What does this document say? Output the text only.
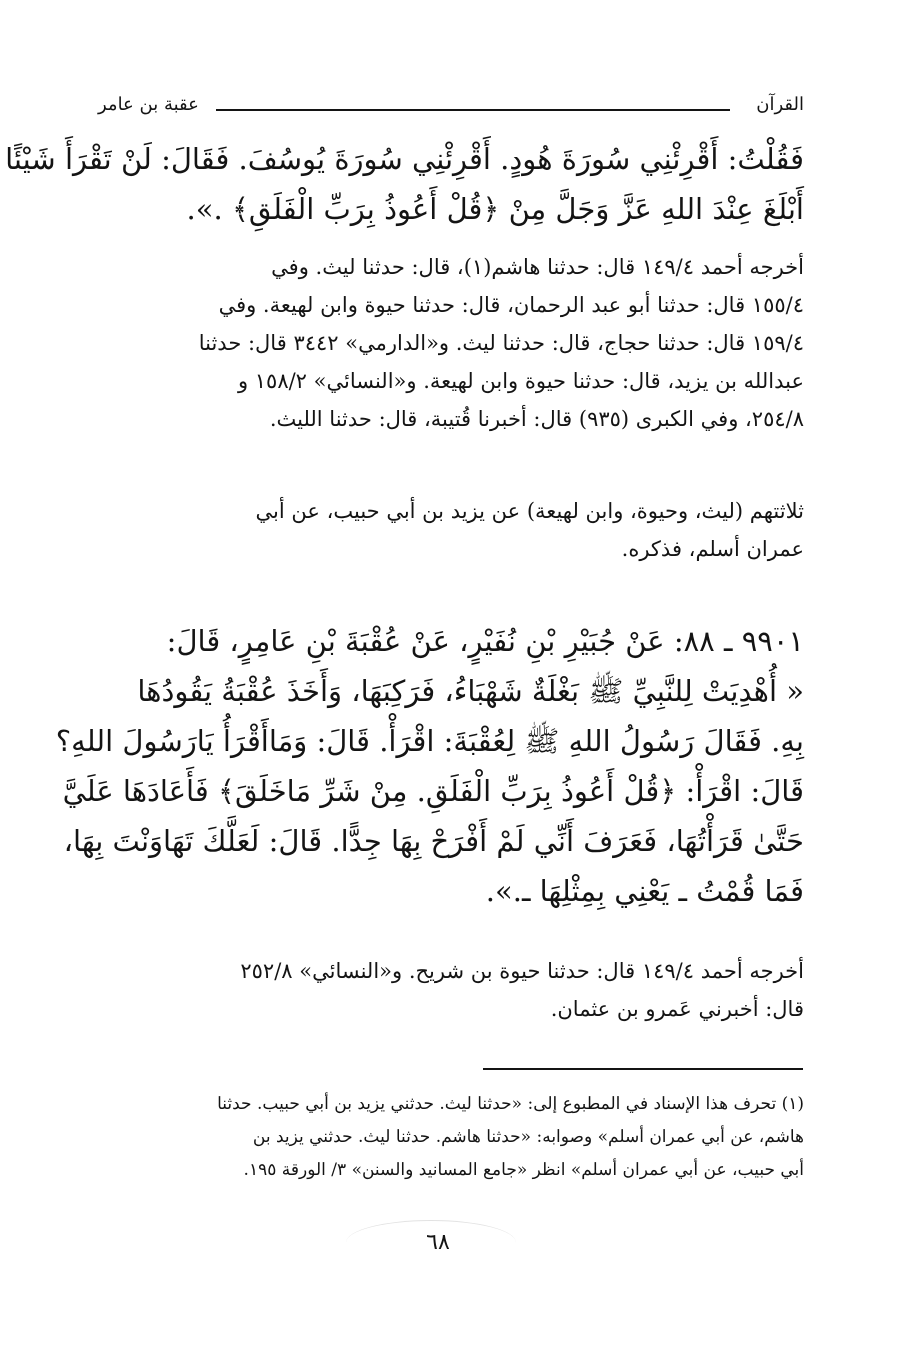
القرآن
عقبة بن عامر
فَقُلْتُ: أَقْرِئْنِي سُورَةَ هُودٍ. أَقْرِئْنِي سُورَةَ يُوسُفَ. فَقَالَ: لَنْ تَقْرَأَ شَيْئًا
أَبْلَغَ عِنْدَ اللهِ عَزَّ وَجَلَّ مِنْ ﴿قُلْ أَعُوذُ بِرَبِّ الْفَلَقِ﴾ .».
أخرجه أحمد ١٤٩/٤ قال: حدثنا هاشم(١)، قال: حدثنا ليث. وفي
١٥٥/٤ قال: حدثنا أبو عبد الرحمان، قال: حدثنا حيوة وابن لهيعة. وفي
١٥٩/٤ قال: حدثنا حجاج، قال: حدثنا ليث. و«الدارمي» ٣٤٤٢ قال: حدثنا
عبدالله بن يزيد، قال: حدثنا حيوة وابن لهيعة. و«النسائي» ١٥٨/٢ و
٢٥٤/٨، وفي الكبرى (٩٣٥) قال: أخبرنا قُتيبة، قال: حدثنا الليث.
ثلاثتهم (ليث، وحيوة، وابن لهيعة) عن يزيد بن أبي حبيب، عن أبي
عمران أسلم، فذكره.
٩٩٠١ ـ ٨٨: عَنْ جُبَيْرِ بْنِ نُفَيْرٍ، عَنْ عُقْبَةَ بْنِ عَامِرٍ، قَالَ:
« أُهْدِيَتْ لِلنَّبِيِّ ﷺ بَغْلَةٌ شَهْبَاءُ، فَرَكِبَهَا، وَأَخَذَ عُقْبَةُ يَقُودُهَا
بِهِ. فَقَالَ رَسُولُ اللهِ ﷺ لِعُقْبَةَ: اقْرَأْ. قَالَ: وَمَاأَقْرَأُ يَارَسُولَ اللهِ؟
قَالَ: اقْرَأْ: ﴿قُلْ أَعُوذُ بِرَبِّ الْفَلَقِ. مِنْ شَرِّ مَاخَلَقَ﴾ فَأَعَادَهَا عَلَيَّ
حَتَّىٰ قَرَأْتُهَا، فَعَرَفَ أَنِّي لَمْ أَفْرَحْ بِهَا جِدًّا. قَالَ: لَعَلَّكَ تَهَاوَنْتَ بِهَا،
فَمَا قُمْتُ ـ يَعْنِي بِمِثْلِهَا ـ.».
أخرجه أحمد ١٤٩/٤ قال: حدثنا حيوة بن شريح. و«النسائي» ٢٥٢/٨
قال: أخبرني عَمرو بن عثمان.
(١) تحرف هذا الإسناد في المطبوع إلى: «حدثنا ليث. حدثني يزيد بن أبي حبيب. حدثنا
هاشم، عن أبي عمران أسلم» وصوابه: «حدثنا هاشم. حدثنا ليث. حدثني يزيد بن
أبي حبيب، عن أبي عمران أسلم» انظر «جامع المسانيد والسنن» ٣/ الورقة ١٩٥.
٦٨
